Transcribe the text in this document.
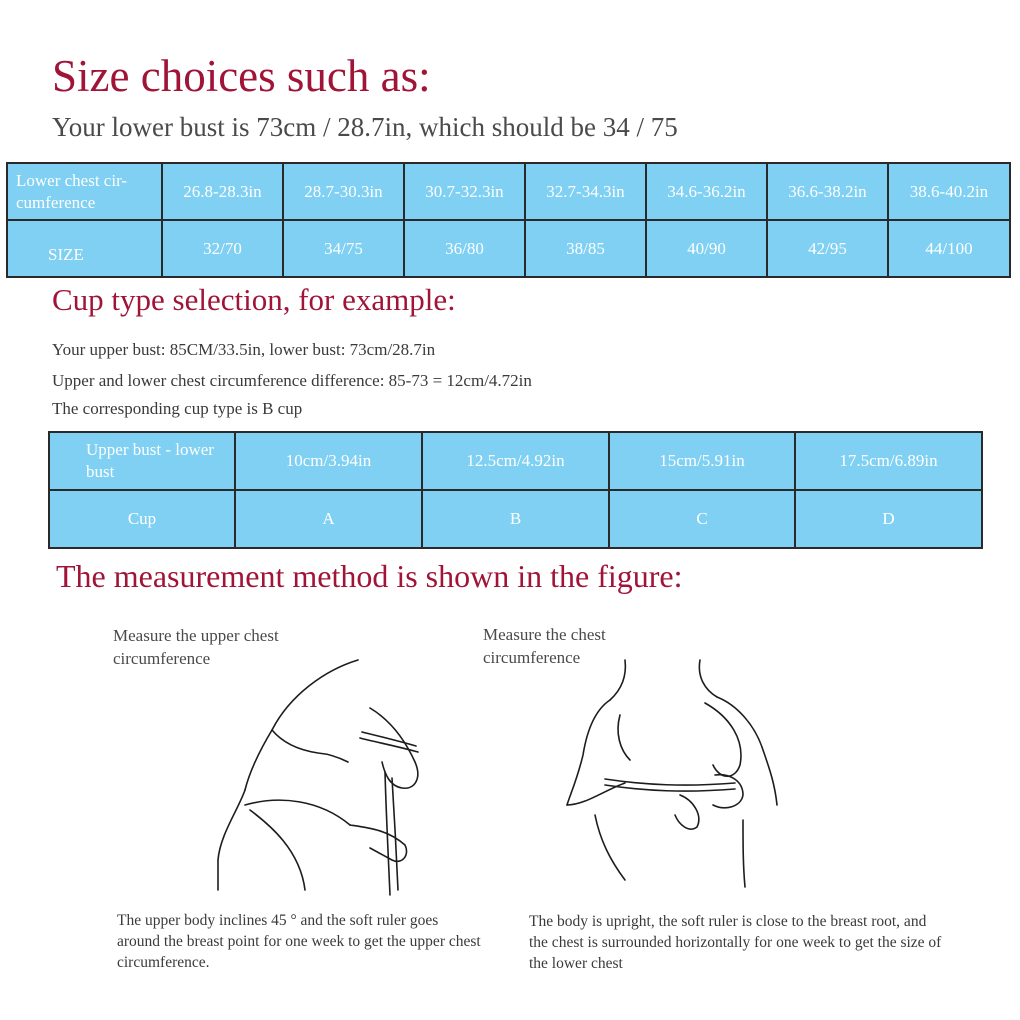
Size choices such as:
Your lower bust is 73cm / 28.7in, which should be 34 / 75
Lower chest cir- cumference	26.8-28.3in	28.7-30.3in	30.7-32.3in	32.7-34.3in	34.6-36.2in	36.6-38.2in	38.6-40.2in
SIZE	32/70	34/75	36/80	38/85	40/90	42/95	44/100
Cup type selection, for example:
Your upper bust: 85CM/33.5in, lower bust: 73cm/28.7in
Upper and lower chest circumference difference: 85-73 = 12cm/4.72in
The corresponding cup type is B cup
Upper bust - lower bust	10cm/3.94in	12.5cm/4.92in	15cm/5.91in	17.5cm/6.89in
Cup	A	B	C	D
The measurement method is shown in the figure:
Measure the upper chest circumference
Measure the chest circumference
The upper body inclines 45 ° and the soft ruler goes around the breast point for one week to get the upper chest circumference.
The body is upright, the soft ruler is close to the breast root, and the chest is surrounded horizontally for one week to get the size of the lower chest
